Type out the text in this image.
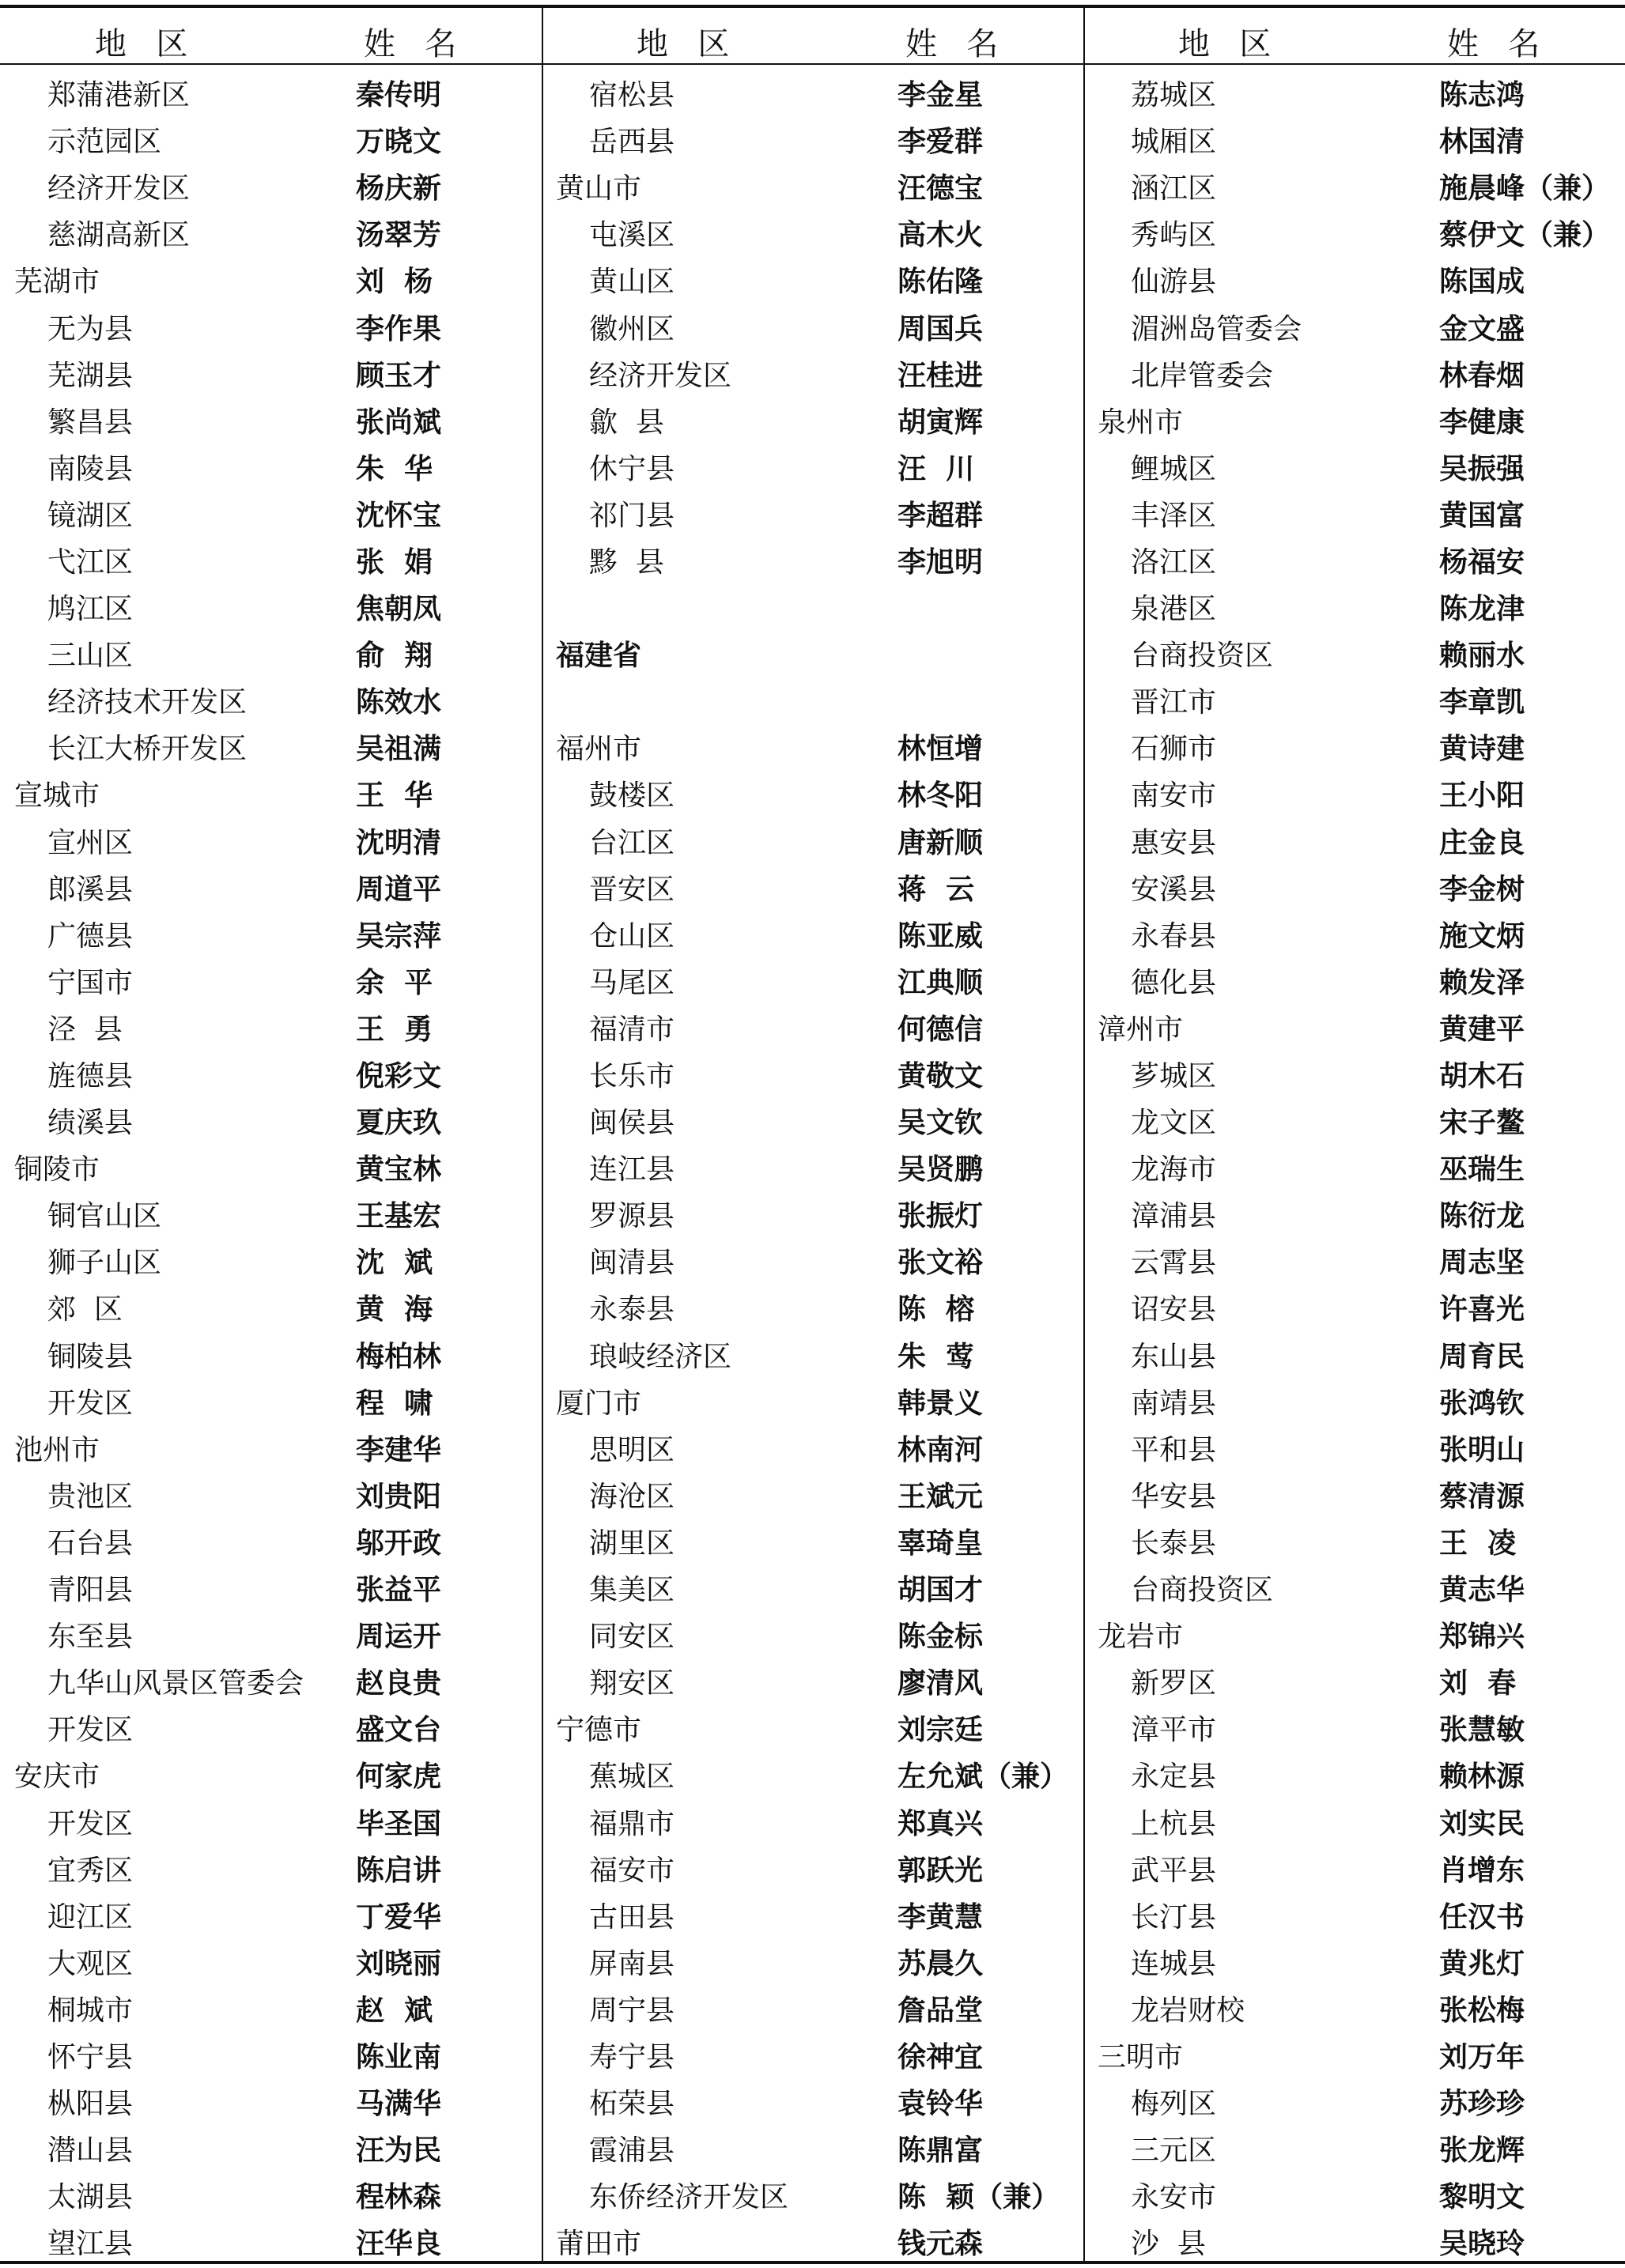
地  区	姓  名	地  区	姓  名	地  区	姓  名
郑蒲港新区	秦传明
示范园区	万晓文
经济开发区	杨庆新
慈湖高新区	汤翠芳
芜湖市	刘  杨
无为县	李作果
芜湖县	顾玉才
繁昌县	张尚斌
南陵县	朱  华
镜湖区	沈怀宝
弋江区	张  娟
鸠江区	焦朝凤
三山区	俞  翔
经济技术开发区	陈效水
长江大桥开发区	吴祖满
宣城市	王  华
宣州区	沈明清
郎溪县	周道平
广德县	吴宗萍
宁国市	余  平
泾  县	王  勇
旌德县	倪彩文
绩溪县	夏庆玖
铜陵市	黄宝林
铜官山区	王基宏
狮子山区	沈  斌
郊  区	黄  海
铜陵县	梅柏林
开发区	程  啸
池州市	李建华
贵池区	刘贵阳
石台县	邬开政
青阳县	张益平
东至县	周运开
九华山风景区管委会	赵良贵
开发区	盛文台
安庆市	何家虎
开发区	毕圣国
宜秀区	陈启讲
迎江区	丁爱华
大观区	刘晓丽
桐城市	赵  斌
怀宁县	陈业南
枞阳县	马满华
潜山县	汪为民
太湖县	程林森
望江县	汪华良
宿松县	李金星
岳西县	李爱群
黄山市	汪德宝
屯溪区	高木火
黄山区	陈佑隆
徽州区	周国兵
经济开发区	汪桂进
歙  县	胡寅辉
休宁县	汪  川
祁门县	李超群
黟  县	李旭明
福建省
福州市	林恒增
鼓楼区	林冬阳
台江区	唐新顺
晋安区	蒋  云
仓山区	陈亚威
马尾区	江典顺
福清市	何德信
长乐市	黄敬文
闽侯县	吴文钦
连江县	吴贤鹏
罗源县	张振灯
闽清县	张文裕
永泰县	陈  榕
琅岐经济区	朱  莺
厦门市	韩景义
思明区	林南河
海沧区	王斌元
湖里区	辜琦皇
集美区	胡国才
同安区	陈金标
翔安区	廖清风
宁德市	刘宗廷
蕉城区	左允斌（兼）
福鼎市	郑真兴
福安市	郭跃光
古田县	李黄慧
屏南县	苏晨久
周宁县	詹品堂
寿宁县	徐神宜
柘荣县	袁铃华
霞浦县	陈鼎富
东侨经济开发区	陈  颖（兼）
莆田市	钱元森
荔城区	陈志鸿
城厢区	林国清
涵江区	施晨峰（兼）
秀屿区	蔡伊文（兼）
仙游县	陈国成
湄洲岛管委会	金文盛
北岸管委会	林春烟
泉州市	李健康
鲤城区	吴振强
丰泽区	黄国富
洛江区	杨福安
泉港区	陈龙津
台商投资区	赖丽水
晋江市	李章凯
石狮市	黄诗建
南安市	王小阳
惠安县	庄金良
安溪县	李金树
永春县	施文炳
德化县	赖发泽
漳州市	黄建平
芗城区	胡木石
龙文区	宋子鳌
龙海市	巫瑞生
漳浦县	陈衍龙
云霄县	周志坚
诏安县	许喜光
东山县	周育民
南靖县	张鸿钦
平和县	张明山
华安县	蔡清源
长泰县	王  凌
台商投资区	黄志华
龙岩市	郑锦兴
新罗区	刘  春
漳平市	张慧敏
永定县	赖林源
上杭县	刘实民
武平县	肖增东
长汀县	任汉书
连城县	黄兆灯
龙岩财校	张松梅
三明市	刘万年
梅列区	苏珍珍
三元区	张龙辉
永安市	黎明文
沙  县	吴晓玲
